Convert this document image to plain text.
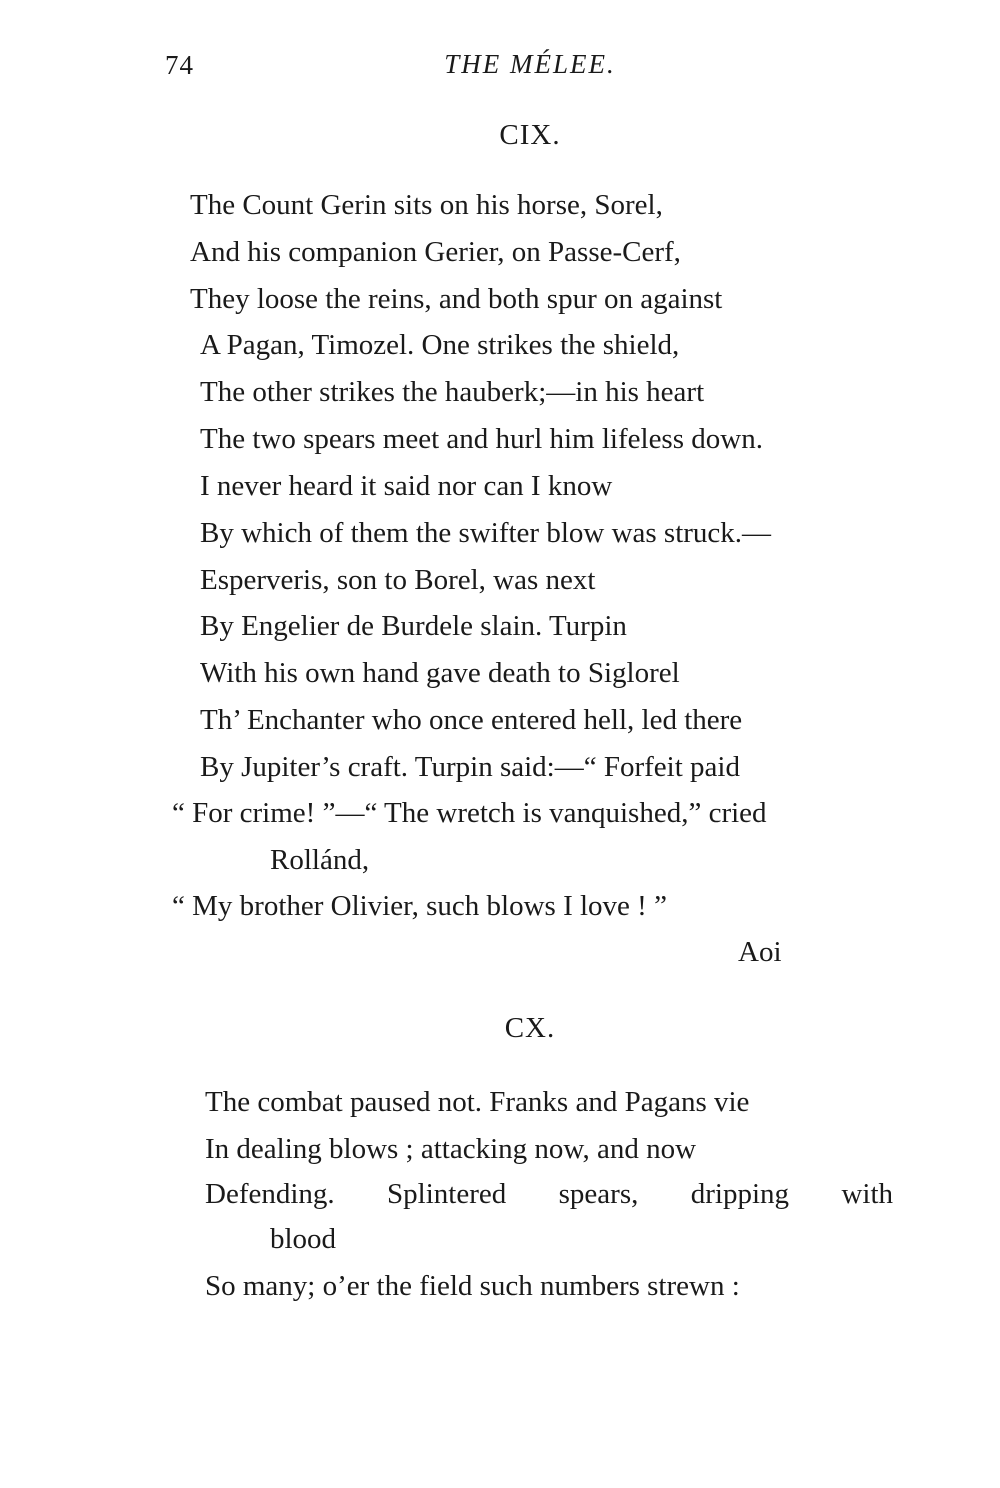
74	THE MÉLEE.
CIX.
The Count Gerin sits on his horse, Sorel,
And his companion Gerier, on Passe-Cerf,
They loose the reins, and both spur on against
A Pagan, Timozel. One strikes the shield,
The other strikes the hauberk;—in his heart
The two spears meet and hurl him lifeless down.
I never heard it said nor can I know
By which of them the swifter blow was struck.—
Esperveris, son to Borel, was next
By Engelier de Burdele slain. Turpin
With his own hand gave death to Siglorel
Th’ Enchanter who once entered hell, led there
By Jupiter’s craft. Turpin said:—“ Forfeit paid
“ For crime! ”—“ The wretch is vanquished,” cried
Rollánd,
“ My brother Olivier, such blows I love ! ”
Aoi
CX.
The combat paused not. Franks and Pagans vie
In dealing blows ; attacking now, and now
Defending. Splintered spears, dripping with
blood
So many; o’er the field such numbers strewn :
